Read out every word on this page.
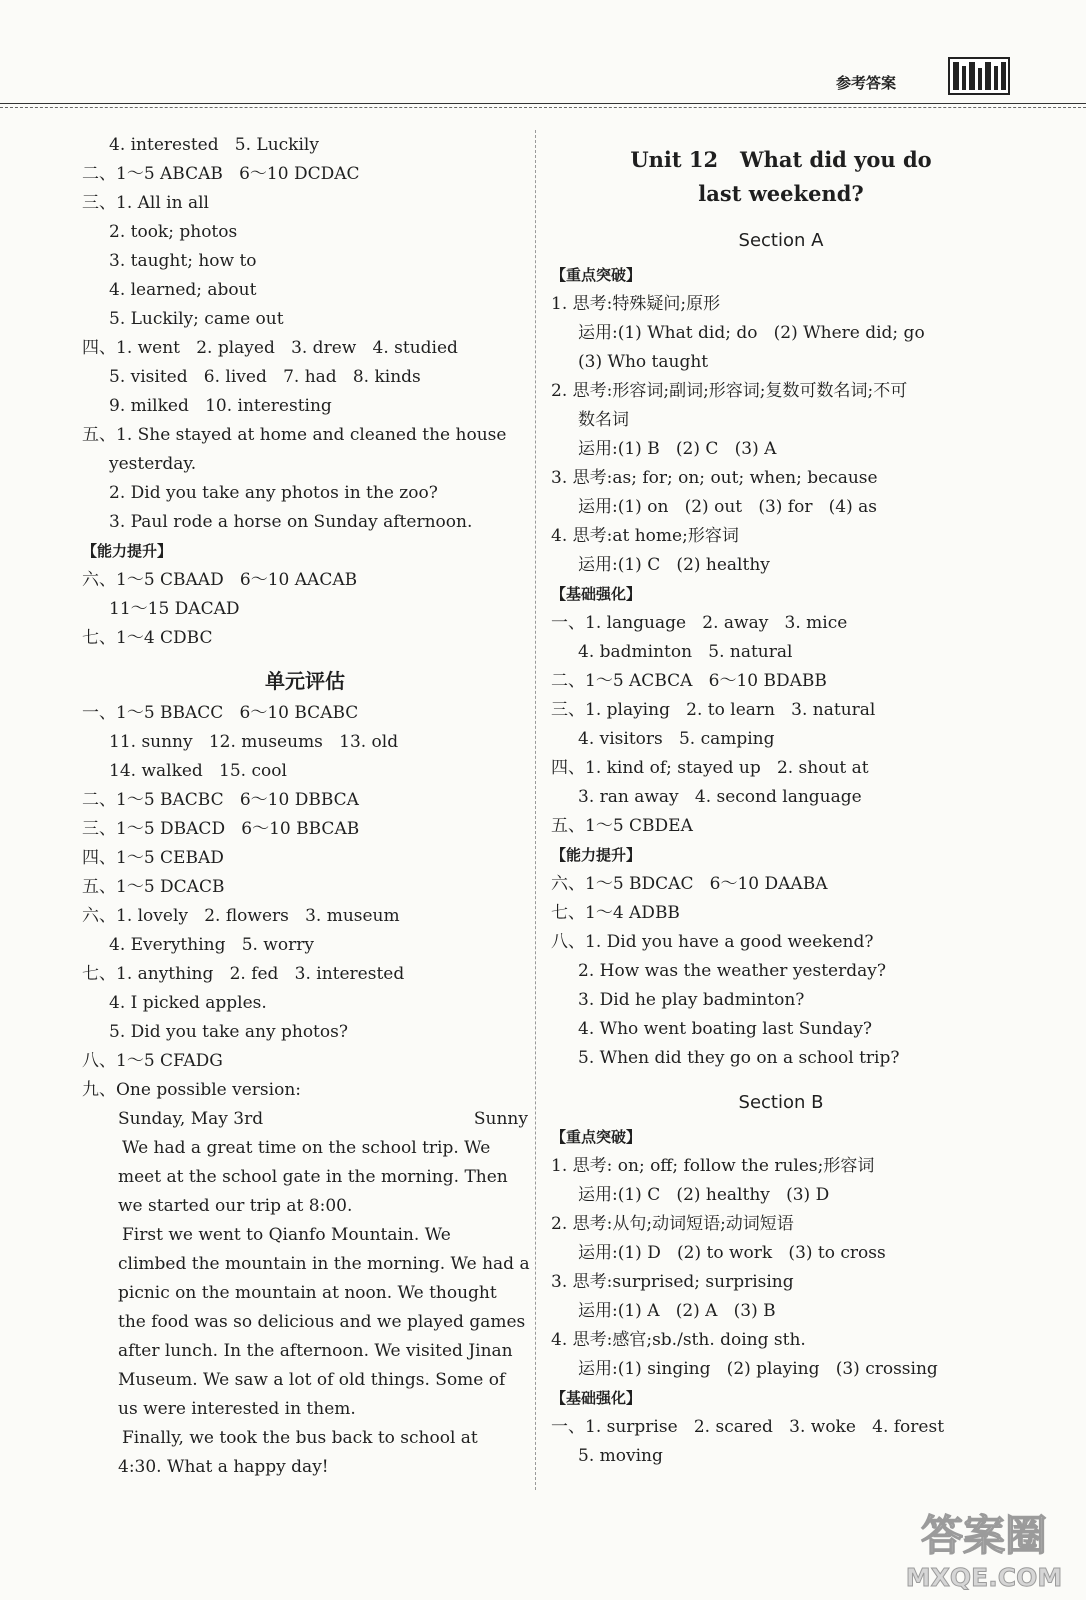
参考答案
4. interested   5. Luckily
二、1～5 ABCAB   6～10 DCDAC
三、1. All in all
2. took; photos
3. taught; how to
4. learned; about
5. Luckily; came out
四、1. went   2. played   3. drew   4. studied
5. visited   6. lived   7. had   8. kinds
9. milked   10. interesting
五、1. She stayed at home and cleaned the house
yesterday.
2. Did you take any photos in the zoo?
3. Paul rode a horse on Sunday afternoon.
【能力提升】
六、1～5 CBAAD   6～10 AACAB
11～15 DACAD
七、1～4 CDBC
单元评估
一、1～5 BBACC   6～10 BCABC
11. sunny   12. museums   13. old
14. walked   15. cool
二、1～5 BACBC   6～10 DBBCA
三、1～5 DBACD   6～10 BBCAB
四、1～5 CEBAD
五、1～5 DCACB
六、1. lovely   2. flowers   3. museum
4. Everything   5. worry
七、1. anything   2. fed   3. interested
4. I picked apples.
5. Did you take any photos?
八、1～5 CFADG
九、One possible version:
Sunday, May 3rd	Sunny
We had a great time on the school trip. We
meet at the school gate in the morning. Then
we started our trip at 8:00.
First we went to Qianfo Mountain. We
climbed the mountain in the morning. We had a
picnic on the mountain at noon. We thought
the food was so delicious and we played games
after lunch. In the afternoon. We visited Jinan
Museum. We saw a lot of old things. Some of
us were interested in them.
Finally, we took the bus back to school at
4:30. What a happy day!
Unit 12   What did you do
last weekend?
Section A
【重点突破】
1. 思考:特殊疑问;原形
运用:(1) What did; do   (2) Where did; go
(3) Who taught
2. 思考:形容词;副词;形容词;复数可数名词;不可
数名词
运用:(1) B   (2) C   (3) A
3. 思考:as; for; on; out; when; because
运用:(1) on   (2) out   (3) for   (4) as
4. 思考:at home;形容词
运用:(1) C   (2) healthy
【基础强化】
一、1. language   2. away   3. mice
4. badminton   5. natural
二、1～5 ACBCA   6～10 BDABB
三、1. playing   2. to learn   3. natural
4. visitors   5. camping
四、1. kind of; stayed up   2. shout at
3. ran away   4. second language
五、1～5 CBDEA
【能力提升】
六、1～5 BDCAC   6～10 DAABA
七、1～4 ADBB
八、1. Did you have a good weekend?
2. How was the weather yesterday?
3. Did he play badminton?
4. Who went boating last Sunday?
5. When did they go on a school trip?
Section B
【重点突破】
1. 思考: on; off; follow the rules;形容词
运用:(1) C   (2) healthy   (3) D
2. 思考:从句;动词短语;动词短语
运用:(1) D   (2) to work   (3) to cross
3. 思考:surprised; surprising
运用:(1) A   (2) A   (3) B
4. 思考:感官;sb./sth. doing sth.
运用:(1) singing   (2) playing   (3) crossing
【基础强化】
一、1. surprise   2. scared   3. woke   4. forest
5. moving
答案圈
MXQE.COM
